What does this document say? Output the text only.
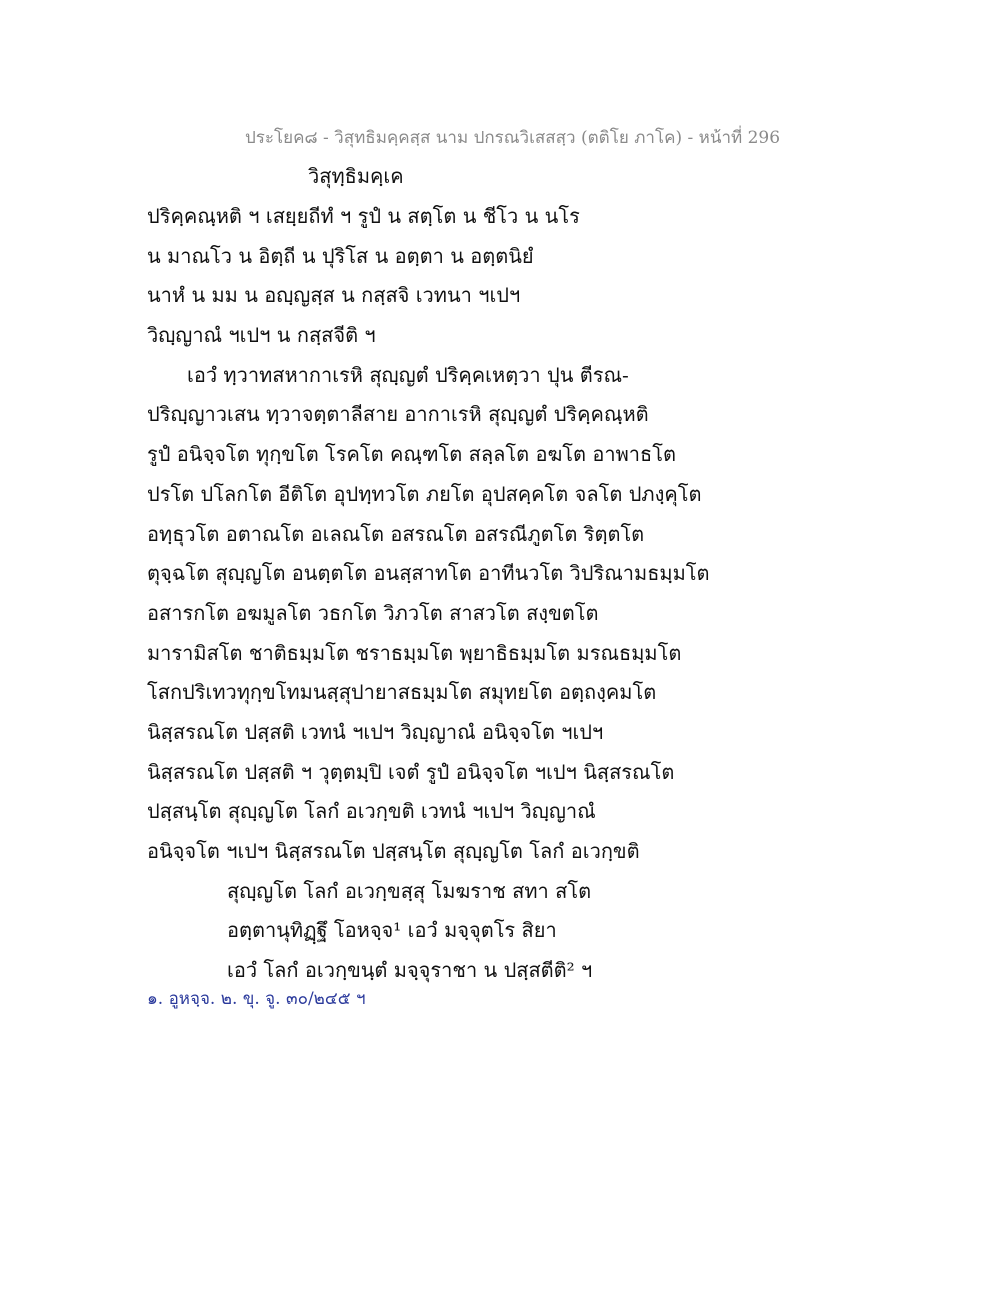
ประโยค๘ - วิสุทธิมคฺคสฺส นาม ปกรณวิเสสสฺว (ตติโย ภาโค) - หน้าที่ 296
วิสุทฺธิมคฺเค
ปริคฺคณฺหติ ฯ เสยฺยถีทํ ฯ รูปํ น สตฺโต น ชีโว น นโร
น มาณโว น อิตฺถี น ปุริโส น อตฺตา น อตฺตนิยํ
นาหํ น มม น อญฺญสฺส น กสฺสจิ เวทนา ฯเปฯ
วิญฺญาณํ ฯเปฯ น กสฺสจีติ ฯ
เอวํ ทฺวาทสหากาเรหิ สุญฺญตํ ปริคฺคเหตฺวา ปุน ตีรณ-
ปริญฺญาวเสน ทฺวาจตฺตาลีสาย อากาเรหิ สุญฺญตํ ปริคฺคณฺหติ
รูปํ อนิจฺจโต ทุกฺขโต โรคโต คณฺฑโต สลฺลโต อฆโต อาพาธโต
ปรโต ปโลกโต อีติโต อุปทฺทวโต ภยโต อุปสคฺคโต จลโต ปภงฺคุโต
อทฺธุวโต อตาณโต อเลณโต อสรณโต อสรณีภูตโต ริตฺตโต
ตุจฺฉโต สุญฺญโต อนตฺตโต อนสฺสาทโต อาทีนวโต วิปริณามธมฺมโต
อสารกโต อฆมูลโต วธกโต วิภวโต สาสวโต สงฺขตโต
มารามิสโต ชาติธมฺมโต ชราธมฺมโต พฺยาธิธมฺมโต มรณธมฺมโต
โสกปริเทวทุกฺขโทมนสฺสุปายาสธมฺมโต สมุทยโต อตฺถงฺคมโต
นิสฺสรณโต ปสฺสติ เวทนํ ฯเปฯ วิญฺญาณํ อนิจฺจโต ฯเปฯ
นิสฺสรณโต ปสฺสติ ฯ วุตฺตมฺปิ เจตํ รูปํ อนิจฺจโต ฯเปฯ นิสฺสรณโต
ปสฺสนฺโต สุญฺญโต โลกํ อเวกฺขติ เวทนํ ฯเปฯ วิญฺญาณํ
อนิจฺจโต ฯเปฯ นิสฺสรณโต ปสฺสนฺโต สุญฺญโต โลกํ อเวกฺขติ
สุญฺญโต โลกํ อเวกฺขสฺสุ โมฆราช สทา สโต
อตฺตานุทิฏฺฐึ โอหจฺจ¹ เอวํ มจฺจุตโร สิยา
เอวํ โลกํ อเวกฺขนฺตํ มจฺจุราชา น ปสฺสตีติ² ฯ
๑. อูหจฺจ. ๒. ขุ. จู. ๓๐/๒๔๕ ฯ
